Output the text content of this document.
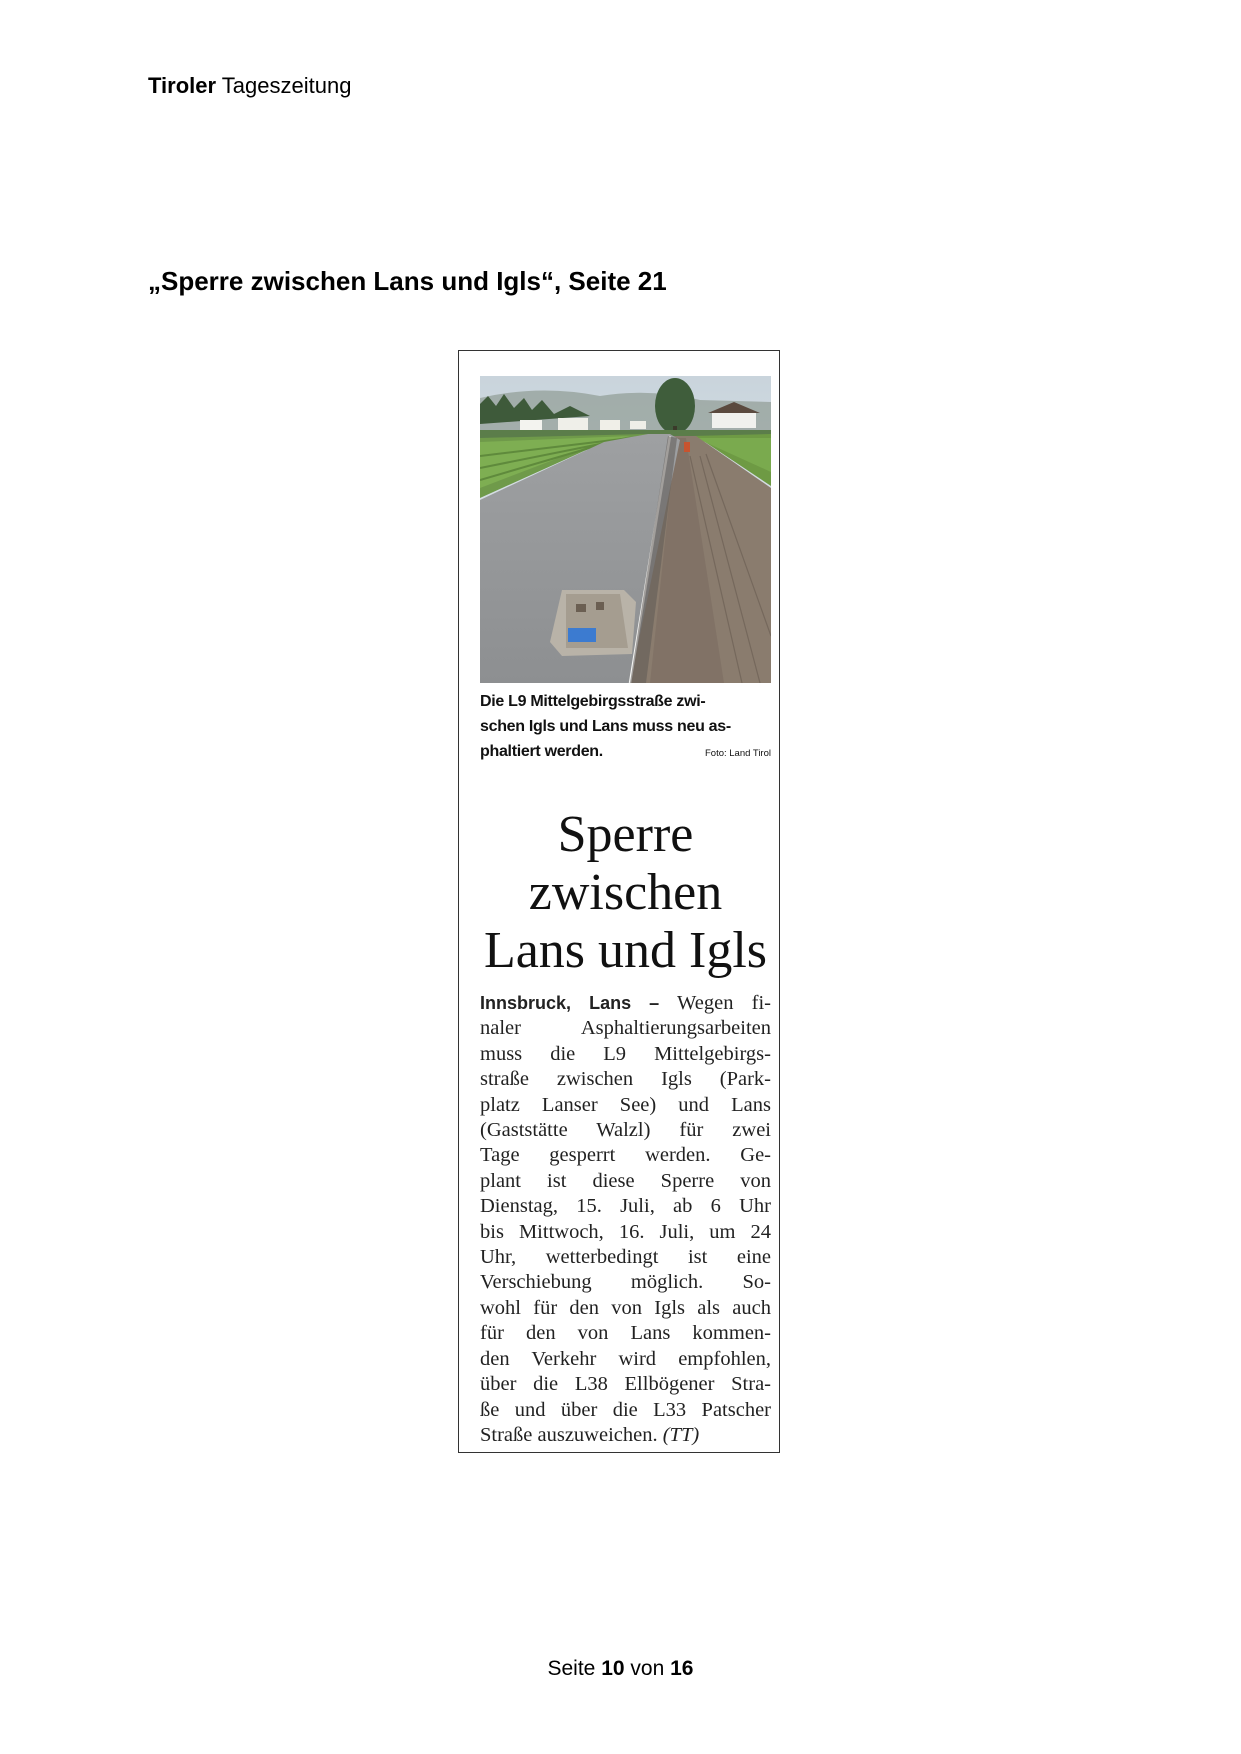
Tiroler Tageszeitung
„Sperre zwischen Lans und Igls“, Seite 21
Die L9 Mittelgebirgsstraße zwi-
schen Igls und Lans muss neu as-
phaltiert werden.	Foto: Land Tirol
Sperre
zwischen
Lans und Igls
Innsbruck, Lans – Wegen fi-
naler Asphaltierungsarbeiten
muss die L9 Mittelgebirgs-
straße zwischen Igls (Park-
platz Lanser See) und Lans
(Gaststätte Walzl) für zwei
Tage gesperrt werden. Ge-
plant ist diese Sperre von
Dienstag, 15. Juli, ab 6 Uhr
bis Mittwoch, 16. Juli, um 24
Uhr, wetterbedingt ist eine
Verschiebung möglich. So-
wohl für den von Igls als auch
für den von Lans kommen-
den Verkehr wird empfohlen,
über die L38 Ellbögener Stra-
ße und über die L33 Patscher
Straße auszuweichen. (TT)
Seite 10 von 16
